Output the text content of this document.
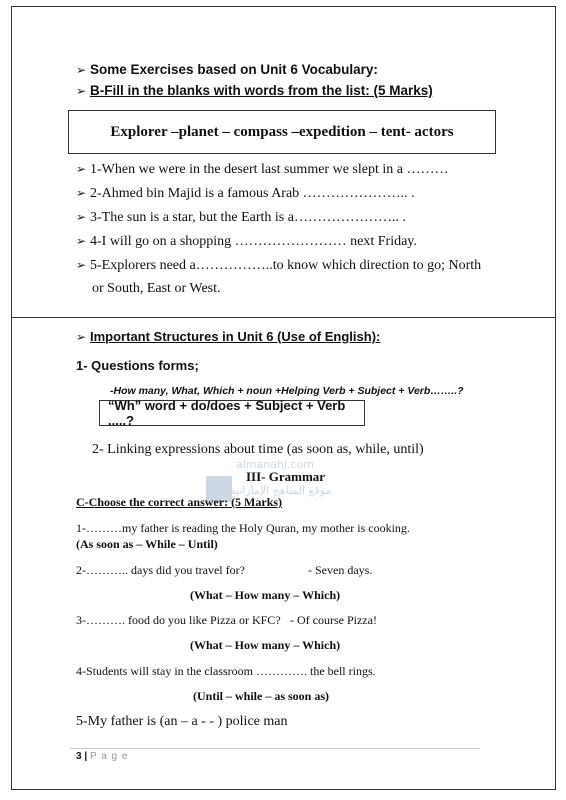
➢ Some Exercises based on Unit 6 Vocabulary:
➢ B-Fill in the blanks with words from the list: (5 Marks)
Explorer –planet – compass –expedition – tent- actors
➢ 1-When we were in the desert last summer we slept in a ………
➢ 2-Ahmed bin Majid is a famous Arab ………………….. .
➢ 3-The sun is a star, but the Earth is a………………….. .
➢ 4-I will go on a shopping …………………… next Friday.
➢ 5-Explorers need a……………..to know which direction to go; North
or South, East or West.
➢ Important Structures in Unit 6 (Use of English):
1- Questions forms;
-How many, What, Which + noun +Helping Verb + Subject + Verb……..?
“Wh” word + do/does + Subject + Verb .....?
2- Linking expressions about time (as soon as, while, until)
almanahj.com
موقع المناهج الإماراتية
III- Grammar
C-Choose the correct answer: (5 Marks)
1-………my father is reading the Holy Quran, my mother is cooking.
(As soon as – While – Until)
2-……….. days did you travel for?	- Seven days.
(What – How many – Which)
3-………. food do you like Pizza or KFC? - Of course Pizza!
(What – How many – Which)
4-Students will stay in the classroom …………. the bell rings.
(Until – while – as soon as)
5-My father is (an – a - - ) police man
3 | P a g e
